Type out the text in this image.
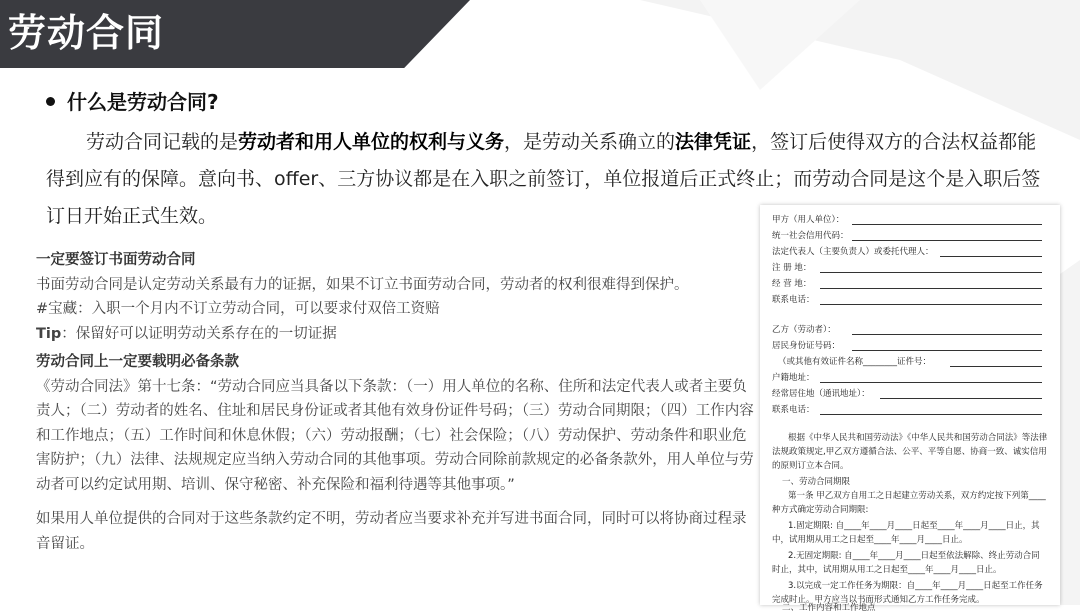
劳动合同
什么是劳动合同?

劳动合同记载的是劳动者和用人单位的权利与义务，是劳动关系确立的法律凭证，签订后使得双方的合法权益都能得到应有的保障。意向书、offer、三方协议都是在入职之前签订，单位报道后正式终止；而劳动合同是这个是入职后签订日开始正式生效。

一定要签订书面劳动合同

书面劳动合同是认定劳动关系最有力的证据，如果不订立书面劳动合同，劳动者的权利很难得到保护。

#宝藏：入职一个月内不订立劳动合同，可以要求付双倍工资赔

Tip：保留好可以证明劳动关系存在的一切证据

劳动合同上一定要载明必备条款

《劳动合同法》第十七条：“劳动合同应当具备以下条款：（一）用人单位的名称、住所和法定代表人或者主要负责人；（二）劳动者的姓名、住址和居民身份证或者其他有效身份证件号码；（三）劳动合同期限；（四）工作内容和工作地点；（五）工作时间和休息休假；（六）劳动报酬；（七）社会保险；（八）劳动保护、劳动条件和职业危害防护；（九）法律、法规规定应当纳入劳动合同的其他事项。劳动合同除前款规定的必备条款外，用人单位与劳动者可以约定试用期、培训、保守秘密、补充保险和福利待遇等其他事项。”

如果用人单位提供的合同对于这些条款约定不明，劳动者应当要求补充并写进书面合同，同时可以将协商过程录音留证。

甲方（用人单位）：
统一社会信用代码：
法定代表人（主要负责人）或委托代理人：
注 册 地：
经 营 地：
联系电话：
乙方（劳动者）：
居民身份证号码：
（或其他有效证件名称________证件号：
户籍地址：
经常居住地（通讯地址）：
联系电话：
根据《中华人民共和国劳动法》《中华人民共和国劳动合同法》等法律法规政策规定,甲乙双方遵循合法、公平、平等自愿、协商一致、诚实信用的原则订立本合同。
一、劳动合同期限
第一条 甲乙双方自用工之日起建立劳动关系，双方约定按下列第____种方式确定劳动合同期限:
1.固定期限: 自____年____月____日起至____年____月____日止，其中，试用期从用工之日起至____年____月____日止。
2.无固定期限: 自____年____月____日起至依法解除、终止劳动合同时止，其中，试用期从用工之日起至____年____月____日止。
3.以完成一定工作任务为期限：自____年____月____日起至工作任务完成时止。甲方应当以书面形式通知乙方工作任务完成。
二、工作内容和工作地点
